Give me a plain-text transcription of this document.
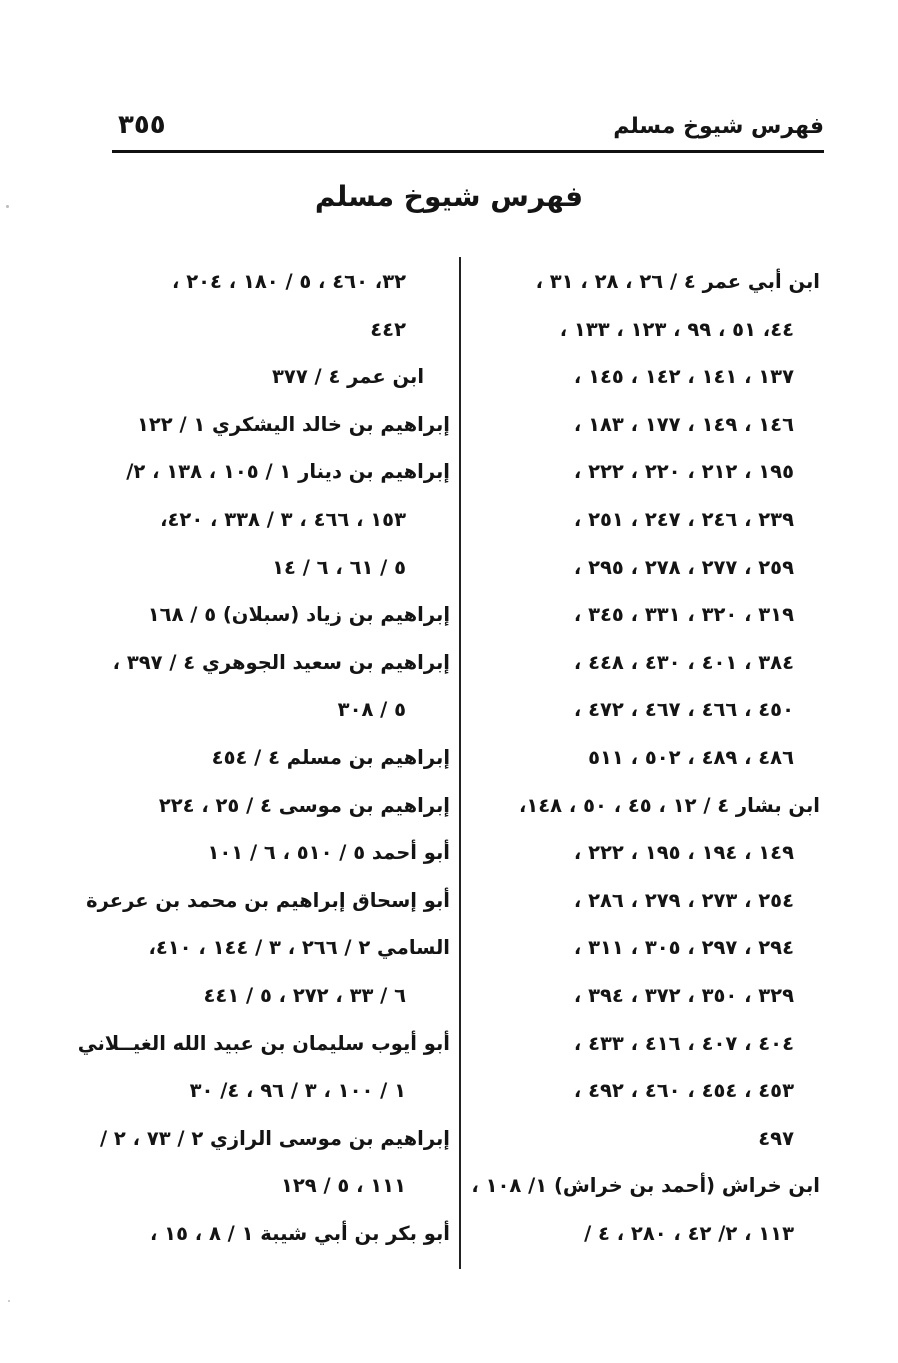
فهرس شيوخ مسلم
٣٥٥
فهرس شيوخ مسلم
ابن أبي عمر ٤ / ٢٦ ، ٢٨ ، ٣١ ،
٤٤، ٥١ ، ٩٩ ، ١٢٣ ، ١٣٣ ،
١٣٧ ، ١٤١ ، ١٤٢ ، ١٤٥ ،
١٤٦ ، ١٤٩ ، ١٧٧ ، ١٨٣ ،
١٩٥ ، ٢١٢ ، ٢٢٠ ، ٢٢٢ ،
٢٣٩ ، ٢٤٦ ، ٢٤٧ ، ٢٥١ ،
٢٥٩ ، ٢٧٧ ، ٢٧٨ ، ٢٩٥ ،
٣١٩ ، ٣٢٠ ، ٣٣١ ، ٣٤٥ ،
٣٨٤ ، ٤٠١ ، ٤٣٠ ، ٤٤٨ ،
٤٥٠ ، ٤٦٦ ، ٤٦٧ ، ٤٧٢ ،
٤٨٦ ، ٤٨٩ ، ٥٠٢ ، ٥١١
ابن بشار ٤ / ١٢ ، ٤٥ ، ٥٠ ، ١٤٨،
١٤٩ ، ١٩٤ ، ١٩٥ ، ٢٢٢ ،
٢٥٤ ، ٢٧٣ ، ٢٧٩ ، ٢٨٦ ،
٢٩٤ ، ٢٩٧ ، ٣٠٥ ، ٣١١ ،
٣٢٩ ، ٣٥٠ ، ٣٧٢ ، ٣٩٤ ،
٤٠٤ ، ٤٠٧ ، ٤١٦ ، ٤٣٣ ،
٤٥٣ ، ٤٥٤ ، ٤٦٠ ، ٤٩٢ ،
٤٩٧
ابن خراش (أحمد بن خراش) ١/ ١٠٨ ،
١١٣ ، ٢/ ٤٢ ، ٢٨٠ ، ٤ /
٣٢، ٤٦٠ ، ٥ / ١٨٠ ، ٢٠٤ ،
٤٤٢
ابن عمر ٤ / ٣٧٧
إبراهيم بن خالد اليشكري ١ / ١٢٢
إبراهيم بن دينار ١ / ١٠٥ ، ١٣٨ ، ٢/
١٥٣ ، ٤٦٦ ، ٣ / ٣٣٨ ، ٤٢٠،
٥ / ٦١ ، ٦ / ١٤
إبراهيم بن زياد (سبلان) ٥ / ١٦٨
إبراهيم بن سعيد الجوهري ٤ / ٣٩٧ ،
٥ / ٣٠٨
إبراهيم بن مسلم ٤ / ٤٥٤
إبراهيم بن موسى ٤ / ٢٥ ، ٢٢٤
أبو أحمد ٥ / ٥١٠ ، ٦ / ١٠١
أبو إسحاق إبراهيم بن محمد بن عرعرة
السامي ٢ / ٢٦٦ ، ٣ / ١٤٤ ، ٤١٠،
٦ / ٣٣ ، ٢٧٢ ، ٥ / ٤٤١
أبو أيوب سليمان بن عبيد الله الغيــلاني
١ / ١٠٠ ، ٣ / ٩٦ ، ٤/ ٣٠
إبراهيم بن موسى الرازي ٢ / ٧٣ ، ٢ /
١١١ ، ٥ / ١٢٩
أبو بكر بن أبي شيبة ١ / ٨ ، ١٥ ،
